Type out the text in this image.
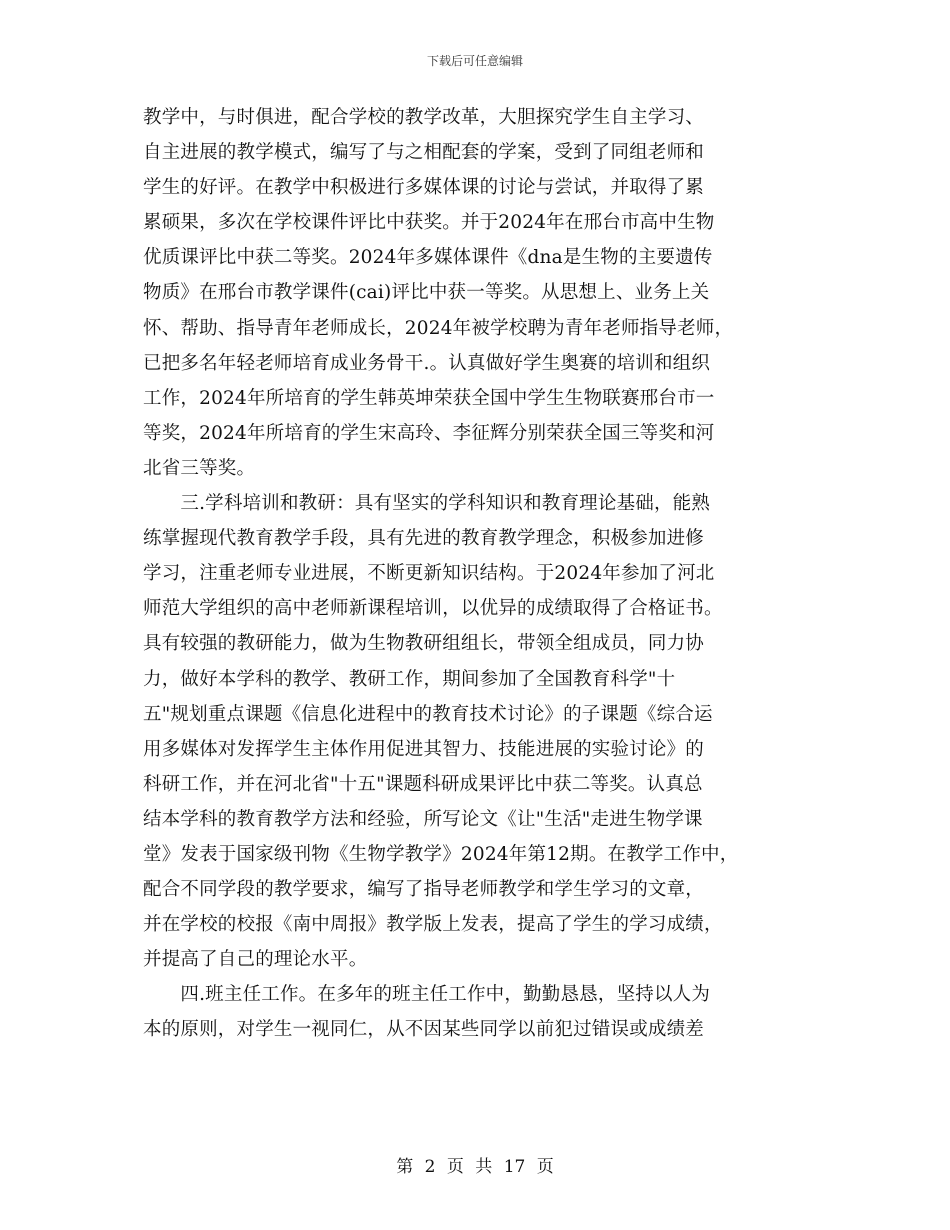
下载后可任意编辑
教学中，与时俱进，配合学校的教学改革，大胆探究学生自主学习、
自主进展的教学模式，编写了与之相配套的学案，受到了同组老师和
学生的好评。在教学中积极进行多媒体课的讨论与尝试，并取得了累
累硕果，多次在学校课件评比中获奖。并于2024年在邢台市高中生物
优质课评比中获二等奖。2024年多媒体课件《dna是生物的主要遗传
物质》在邢台市教学课件(cai)评比中获一等奖。从思想上、业务上关
怀、帮助、指导青年老师成长，2024年被学校聘为青年老师指导老师，
已把多名年轻老师培育成业务骨干.。认真做好学生奥赛的培训和组织
工作，2024年所培育的学生韩英坤荣获全国中学生生物联赛邢台市一
等奖，2024年所培育的学生宋高玲、李征辉分别荣获全国三等奖和河
北省三等奖。
　　三.学科培训和教研：具有坚实的学科知识和教育理论基础，能熟
练掌握现代教育教学手段，具有先进的教育教学理念，积极参加进修
学习，注重老师专业进展，不断更新知识结构。于2024年参加了河北
师范大学组织的高中老师新课程培训，以优异的成绩取得了合格证书。
具有较强的教研能力，做为生物教研组组长，带领全组成员，同力协
力，做好本学科的教学、教研工作，期间参加了全国教育科学"十
五"规划重点课题《信息化进程中的教育技术讨论》的子课题《综合运
用多媒体对发挥学生主体作用促进其智力、技能进展的实验讨论》的
科研工作，并在河北省"十五"课题科研成果评比中获二等奖。认真总
结本学科的教育教学方法和经验，所写论文《让"生活"走进生物学课
堂》发表于国家级刊物《生物学教学》2024年第12期。在教学工作中，
配合不同学段的教学要求，编写了指导老师教学和学生学习的文章，
并在学校的校报《南中周报》教学版上发表，提高了学生的学习成绩，
并提高了自己的理论水平。
　　四.班主任工作。在多年的班主任工作中，勤勤恳恳，坚持以人为
本的原则，对学生一视同仁，从不因某些同学以前犯过错误或成绩差
第 2 页 共 17 页
